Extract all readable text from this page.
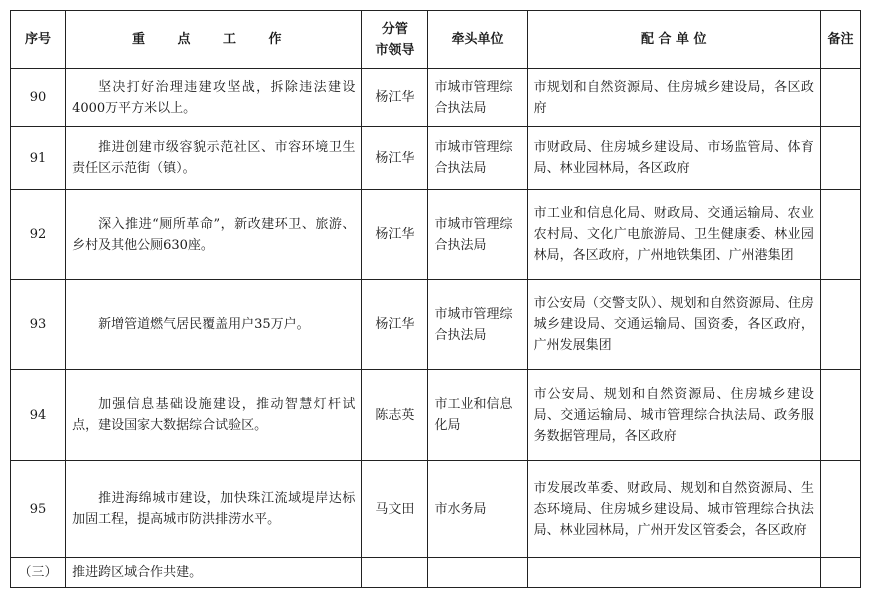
序号	重 点 工 作	分管
市领导	牵头单位	配 合 单 位	备注
90	坚决打好治理违建攻坚战，拆除违法建设4000万平方米以上。	杨江华	市城市管理综合执法局	市规划和自然资源局、住房城乡建设局，各区政府	
91	推进创建市级容貌示范社区、市容环境卫生责任区示范街（镇）。	杨江华	市城市管理综合执法局	市财政局、住房城乡建设局、市场监管局、体育局、林业园林局，各区政府	
92	深入推进“厕所革命”，新改建环卫、旅游、乡村及其他公厕630座。	杨江华	市城市管理综合执法局	市工业和信息化局、财政局、交通运输局、农业农村局、文化广电旅游局、卫生健康委、林业园林局，各区政府，广州地铁集团、广州港集团	
93	新增管道燃气居民覆盖用户35万户。	杨江华	市城市管理综合执法局	市公安局（交警支队）、规划和自然资源局、住房城乡建设局、交通运输局、国资委，各区政府，广州发展集团	
94	加强信息基础设施建设，推动智慧灯杆试点，建设国家大数据综合试验区。	陈志英	市工业和信息化局	市公安局、规划和自然资源局、住房城乡建设局、交通运输局、城市管理综合执法局、政务服务数据管理局，各区政府	
95	推进海绵城市建设，加快珠江流域堤岸达标加固工程，提高城市防洪排涝水平。	马文田	市水务局	市发展改革委、财政局、规划和自然资源局、生态环境局、住房城乡建设局、城市管理综合执法局、林业园林局，广州开发区管委会，各区政府	
（三）	推进跨区域合作共建。				
